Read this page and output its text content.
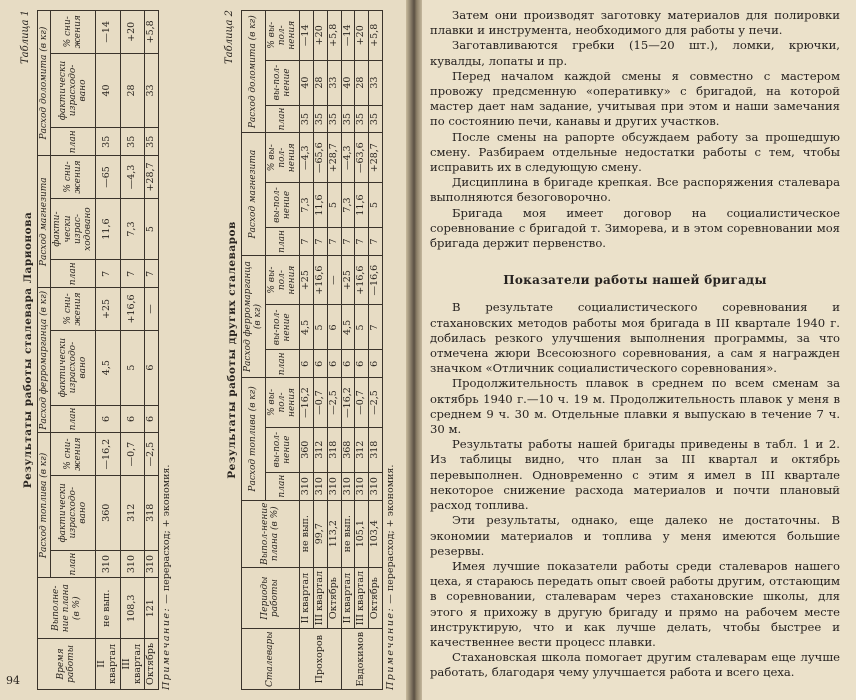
Таблица 1
Результаты работы сталевара Ларионова
Время работы	Выполне-ние плана (в %)	Расход топлива (в кг)			Расход ферромарганца (в кг)			Расход магнезита			Расход доломита (в кг)		
		план	фактически израсходо-вано	% сни-жения	план	фактически израсходо-вано	% сни-жения	план	факти-чески израс-ходовано	% сни-жения	план	фактически израсходо-вано	% сни-жения
II квартал	не вып.	310	360	—16,2	6	4,5	+25	7	11,6	—65	35	40	—14
III квартал	108,3	310	312	—0,7	6	5	+16,6	7	7,3	—4,3	35	28	+20
Октябрь	121	310	318	—2,5	6	6	—	7	5	+28,7	35	33	+5,8
Примечание: — перерасход; + экономия.
Таблица 2
Результаты работы других сталеваров
Сталевары	Периоды работы	Выпол-нение плана (в %)	Расход топлива (в кг)			Расход ферромарганца (в кг)			Расход магнезита			Расход доломита (в кг)		
			план	вы-пол-нение	% вы-пол-нения	план	вы-пол-нение	% вы-пол-нения	план	вы-пол-нение	% вы-пол-нения	план	вы-пол-нение	% вы-пол-нения
Прохоров	II квартал	не вып.	310	360	—16,2	6	4,5	+25	7	7,3	—4,3	35	40	—14
	III квартал	99,7	310	312	—0,7	6	5	+16,6	7	11,6	—65,6	35	28	+20
	Октябрь	113,2	310	318	—2,5	6	6	—	7	5	+28,7	35	33	+5,8
Евдокимов	II квартал	не вып.	310	368	—16,2	6	4,5	+25	7	7,3	—4,3	35	40	—14
	III квартал	105,1	310	312	—0,7	6	5	+16,6	7	11,6	—63,6	35	28	+20
	Октябрь	103,4	310	318	—2,5	6	7	—16,6	7	5	+28,7	35	33	+5,8
Примечание: — перерасход; + экономия.
94

Затем они производят заготовку материалов для полировки плавки и инструмента, необходимого для работы у печи.

Заготавливаются гребки (15—20 шт.), ломки, крючки, кувалды, лопаты и пр.

Перед началом каждой смены я совместно с мастером провожу предсменную «оперативку» с бригадой, на которой мастер дает нам задание, учитывая при этом и наши замечания по состоянию печи, канавы и других участков.

После смены на рапорте обсуждаем работу за прошедшую смену. Разбираем отдельные недостатки работы с тем, чтобы исправить их в следующую смену.

Дисциплина в бригаде крепкая. Все распоряжения сталевара выполняются безоговорочно.

Бригада моя имеет договор на социалистическое соревнование с бригадой т. Зиморева, и в этом соревновании моя бригада держит первенство.

Показатели работы нашей бригады

В результате социалистического соревнования и стахановских методов работы моя бригада в III квартале 1940 г. добилась резкого улучшения выполнения программы, за что отмечена жюри Всесоюзного соревнования, а сам я награжден значком «Отличник социалистического соревнования».

Продолжительность плавок в среднем по всем сменам за октябрь 1940 г.—10 ч. 19 м. Продолжительность плавок у меня в среднем 9 ч. 30 м. Отдельные плавки я выпускаю в течение 7 ч. 30 м.

Результаты работы нашей бригады приведены в табл. 1 и 2. Из таблицы видно, что план за III квартал и октябрь перевыполнен. Одновременно с этим я имел в III квартале некоторое снижение расхода материалов и почти плановый расход топлива.

Эти результаты, однако, еще далеко не достаточны. В экономии материалов и топлива у меня имеются большие резервы.

Имея лучшие показатели работы среди сталеваров нашего цеха, я стараюсь передать опыт своей работы другим, отстающим в соревновании, сталеварам через стахановские школы, для этого я прихожу в другую бригаду и прямо на рабочем месте инструктирую, что и как лучше делать, чтобы быстрее и качественнее вести процесс плавки.

Стахановская школа помогает другим сталеварам еще лучше работать, благодаря чему улучшается работа и всего цеха.
